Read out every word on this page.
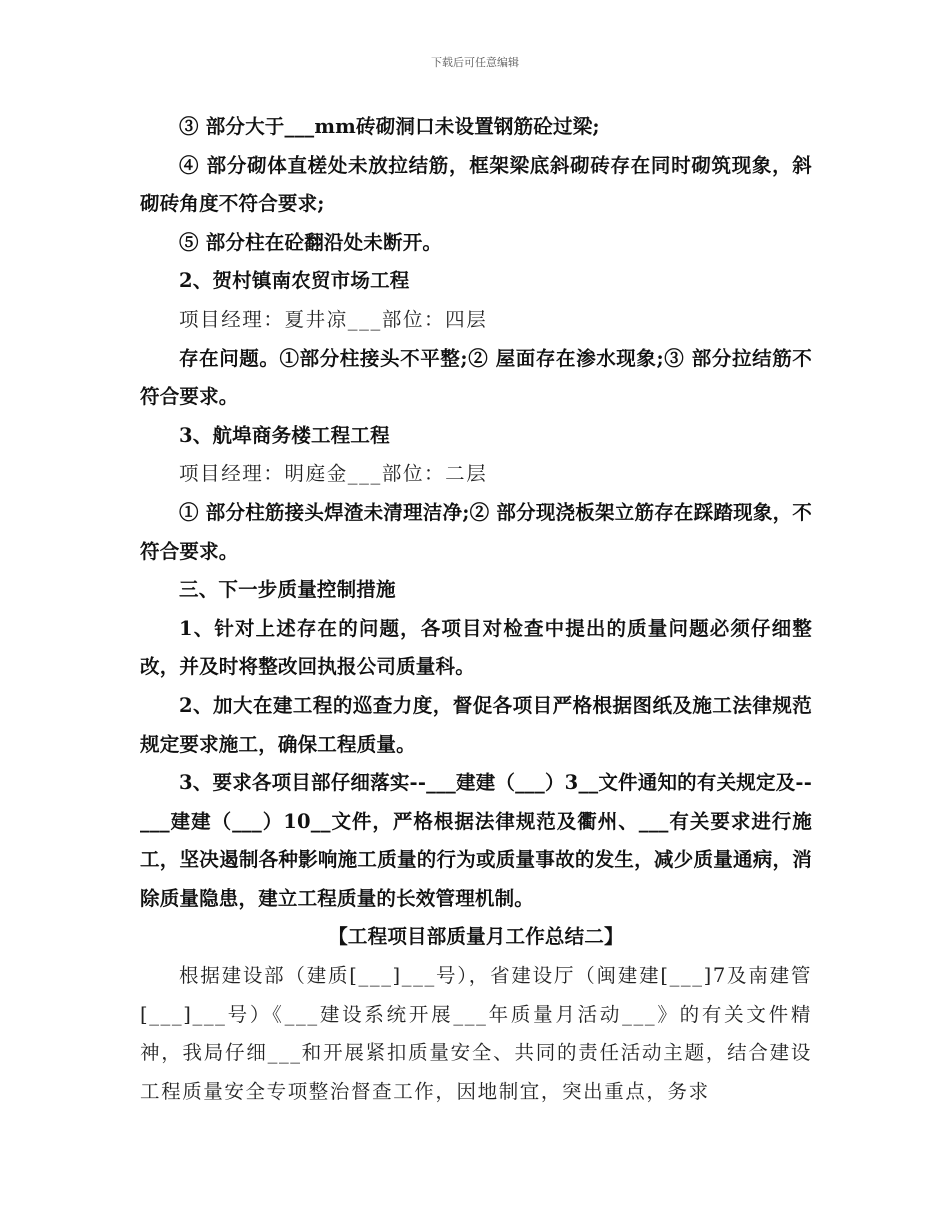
下载后可任意编辑

③ 部分大于___mm砖砌洞口未设置钢筋砼过梁;

④ 部分砌体直槎处未放拉结筋，框架梁底斜砌砖存在同时砌筑现象，斜砌砖角度不符合要求;

⑤ 部分柱在砼翻沿处未断开。

2、贺村镇南农贸市场工程

项目经理：夏井凉___部位：四层

存在问题。①部分柱接头不平整;② 屋面存在渗水现象;③ 部分拉结筋不符合要求。

3、航埠商务楼工程工程

项目经理：明庭金___部位：二层

① 部分柱筋接头焊渣未清理洁净;② 部分现浇板架立筋存在踩踏现象，不符合要求。

三、下一步质量控制措施

1、针对上述存在的问题，各项目对检查中提出的质量问题必须仔细整改，并及时将整改回执报公司质量科。

2、加大在建工程的巡查力度，督促各项目严格根据图纸及施工法律规范规定要求施工，确保工程质量。

3、要求各项目部仔细落实--___建建（___）3__文件通知的有关规定及--___建建（___）10__文件，严格根据法律规范及衢州、___有关要求进行施工，坚决遏制各种影响施工质量的行为或质量事故的发生，减少质量通病，消除质量隐患，建立工程质量的长效管理机制。

【工程项目部质量月工作总结二】

根据建设部（建质[___]___号），省建设厅（闽建建[___]7及南建管[___]___号）《___建设系统开展___年质量月活动___》的有关文件精神，我局仔细___和开展紧扣质量安全、共同的责任活动主题，结合建设工程质量安全专项整治督查工作，因地制宜，突出重点，务求
